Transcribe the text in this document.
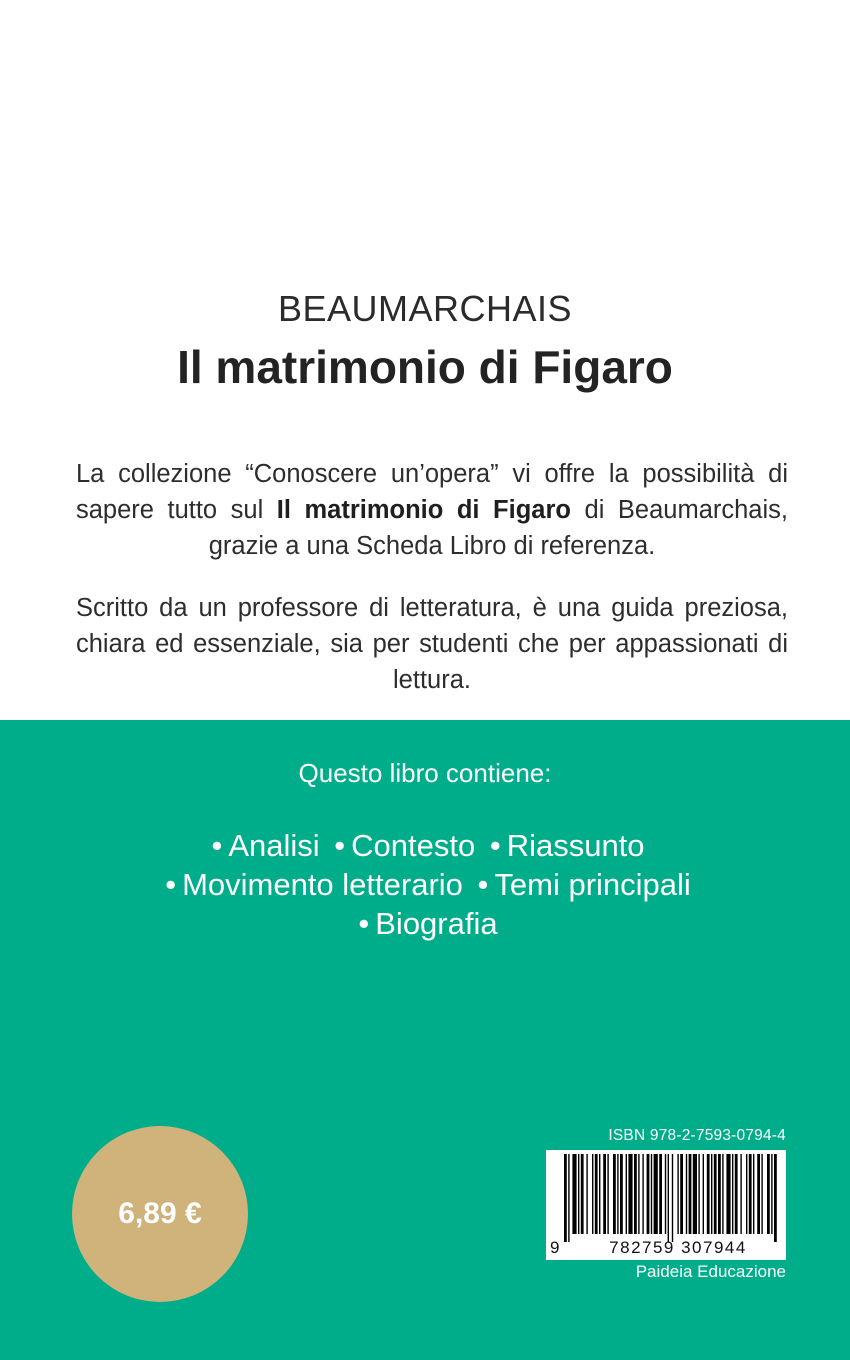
BEAUMARCHAIS
Il matrimonio di Figaro
La collezione “Conoscere un’opera” vi offre la possibilità di sapere tutto sul Il matrimonio di Figaro di Beaumarchais, grazie a una Scheda Libro di referenza.
Scritto da un professore di letteratura, è una guida preziosa, chiara ed essenziale, sia per studenti che per appassionati di lettura.
Questo libro contiene:
• Analisi • Contesto • Riassunto
• Movimento letterario • Temi principali
• Biografia
6,89 €
ISBN 978-2-7593-0794-4
9	782759 307944
Paideia Educazione
